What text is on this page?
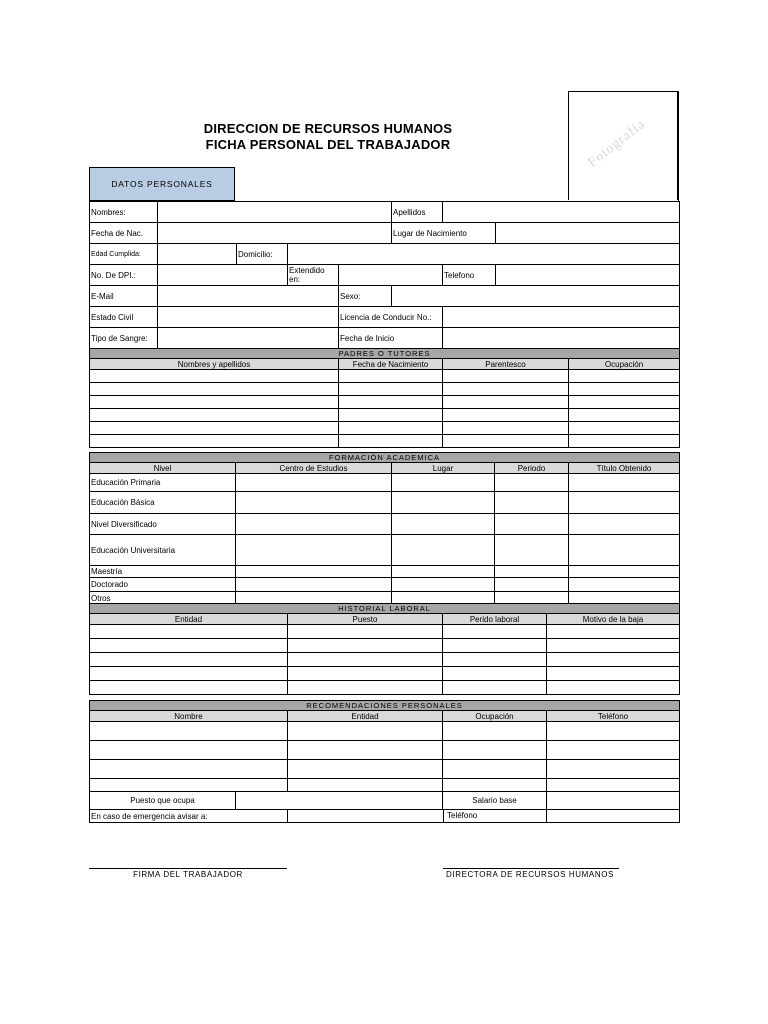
DIRECCION DE RECURSOS HUMANOS
FICHA PERSONAL DEL TRABAJADOR	Fotografia
DATOS PERSONALES
Nombres:					Apellidos		
Fecha de Nac.					Lugar de Nacimiento		
Edad Cumplida:		Domicilio:					
No. De DPI.:			Extendido en:			Telefono	
E-Mail				Sexo:			
Estado Civil				Licencia de Conducir No.:			
Tipo de Sangre:				Fecha de Inicio			
PADRES O TUTORES			
Nombres y apellidos	Fecha de Nacimiento	Parentesco	Ocupación

FORMACIÓN ACADEMICA				
Nivel	Centro de Estudios	Lugar	Periodo	Título Obtenido
Educación Primaria				
Educación Básica				
Nivel Diversificado				
Educación Universitaria				
Maestría				
Doctorado				
Otros				
HISTORIAL LABORAL			
Entidad	Puesto	Perido laboral	Motivo de la baja

RECOMENDACIONES PERSONALES				
Nombre		Entidad	Ocupación	Teléfono

Puesto que ocupa			Salario base	
En caso de emergencia avisar a:		Teléfono		

FIRMA DEL TRABAJADOR	DIRECTORA DE RECURSOS HUMANOS
